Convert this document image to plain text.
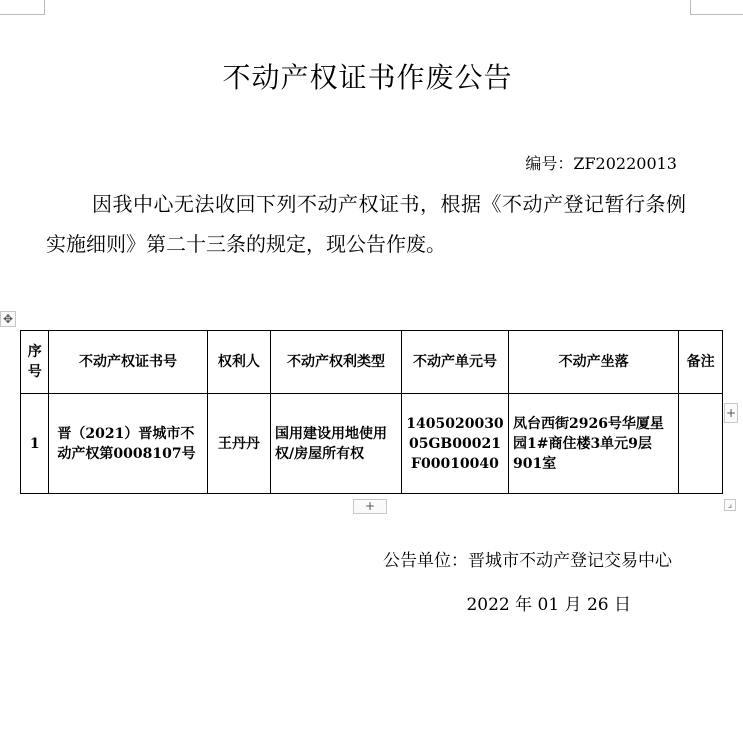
不动产权证书作废公告
编号：ZF20220013
因我中心无法收回下列不动产权证书，根据《不动产登记暂行条例实施细则》第二十三条的规定，现公告作废。
✥
序号	不动产权证书号	权利人	不动产权利类型	不动产单元号	不动产坐落	备注
1	晋（2021）晋城市不动产权第0008107号	王丹丹	国用建设用地使用权/房屋所有权	140502003005GB00021F00010040	凤台西街2926号华厦星园1#商住楼3单元9层901室	
+
+	⌟
公告单位：晋城市不动产登记交易中心
2022 年 01 月 26 日
